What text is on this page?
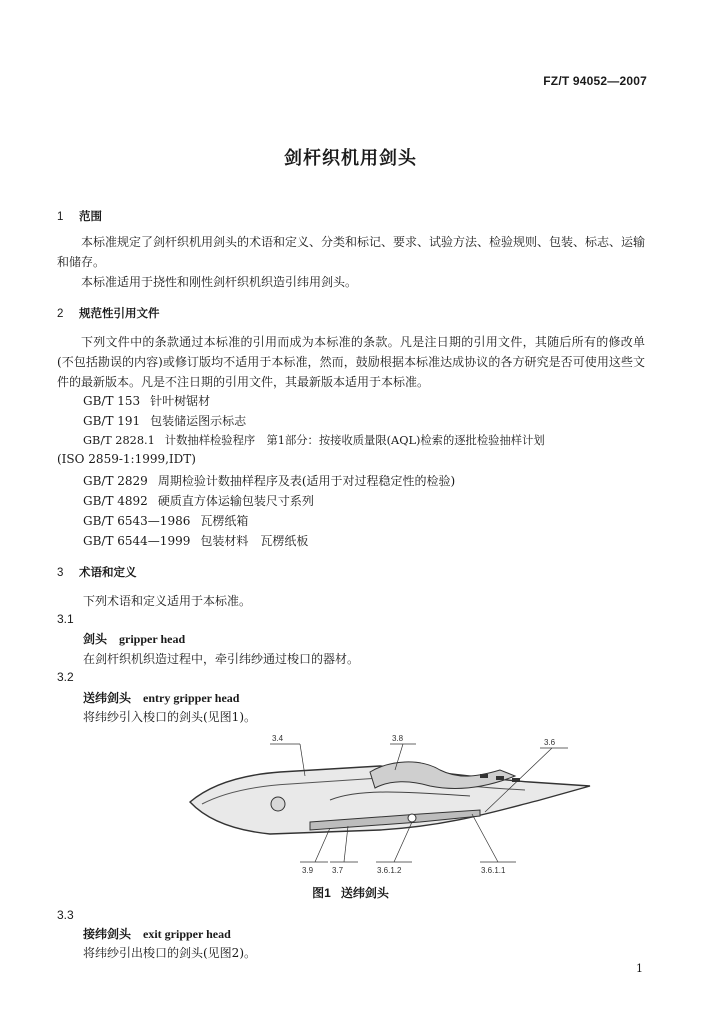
FZ/T 94052—2007
剑杆织机用剑头
1 范围
本标准规定了剑杆织机用剑头的术语和定义、分类和标记、要求、试验方法、检验规则、包装、标志、运输和储存。
本标准适用于挠性和刚性剑杆织机织造引纬用剑头。
2 规范性引用文件
下列文件中的条款通过本标准的引用而成为本标准的条款。凡是注日期的引用文件，其随后所有的修改单(不包括勘误的内容)或修订版均不适用于本标准，然而，鼓励根据本标准达成协议的各方研究是否可使用这些文件的最新版本。凡是不注日期的引用文件，其最新版本适用于本标准。
GB/T 153 针叶树锯材
GB/T 191 包装储运图示标志
GB/T 2828.1 计数抽样检验程序　第1部分：按接收质量限(AQL)检索的逐批检验抽样计划
(ISO 2859-1:1999,IDT)
GB/T 2829 周期检验计数抽样程序及表(适用于对过程稳定性的检验)
GB/T 4892 硬质直方体运输包装尺寸系列
GB/T 6543—1986 瓦楞纸箱
GB/T 6544—1999 包装材料　瓦楞纸板
3 术语和定义
下列术语和定义适用于本标准。
3.1
剑头 gripper head
在剑杆织机织造过程中，牵引纬纱通过梭口的器材。
3.2
送纬剑头 entry gripper head
将纬纱引入梭口的剑头(见图1)。
3.4	3.8	3.6
3.9 3.7	3.6.1.2	3.6.1.1
图1 送纬剑头
3.3
接纬剑头 exit gripper head
将纬纱引出梭口的剑头(见图2)。
1
